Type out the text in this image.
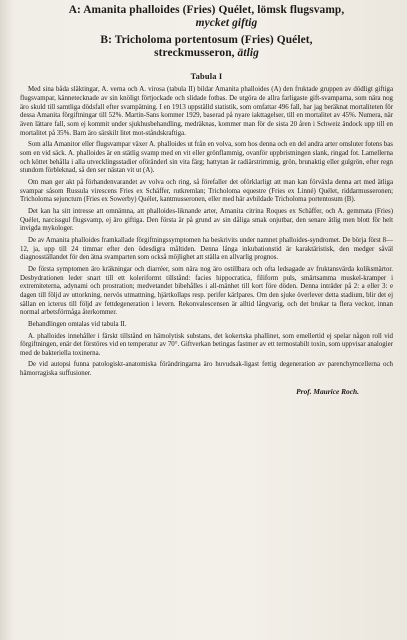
A: Amanita phalloides (Fries) Quélet, lömsk flugsvamp,
mycket giftig
B: Tricholoma portentosum (Fries) Quélet,
streckmusseron, ätlig
Tabula I

Med sina båda släktingar, A. verna och A. virosa (tabula II) bildar Amanita phalloides (A) den fruktade gruppen av dödligt giftiga flugsvampar, kännetecknade av sin knöligt förtjockade och slidade fotbas. De utgöra de allra farligaste gift-svamparna, som nära nog äro skuld till samtliga dödsfall efter svampätning. I en 1913 uppställd statistik, som omfattar 496 fall, har jag beräknat mortaliteten för dessa Amanita förgiftningar till 52%. Martin-Sans kommer 1929, baserad på nyare iakttagelser, till en mortalitet av 45%. Numera, när även lättare fall, som ej kommit under sjukhusbehandling, medräknas, kommer man för de sista 20 åren i Schweiz ändock upp till en mortalitet på 35%. Barn äro särskilt litet mot-ståndskraftiga.

Som alla Amanitor eller flugsvampar växer A. phalloides ut från en volva, som hos denna och en del andra arter omsluter fotens bas som en vid säck. A. phalloides är en stätlig svamp med en vit eller grönflammig, ovanför uppbristningen slank, ringad fot. Lamellerna och köttet behålla i alla utvecklingsstadier oföränderl sin vita färg; hattytan är radiärstrimmig, grön, brunaktig eller gulgrön, efter regn stundom förbleknad, så den ser nästan vit ut (A).

Om man ger akt på förhandenvarandet av volva och ring, så förefaller det oförklarligt att man kan förväxla denna art med ätliga svampar såsom Russula virescens Fries ex Schäffer, rutkremlan; Tricholoma equestre (Fries ex Linné) Quélet, riddarmusseronen; Tricholoma sejunctum (Fries ex Sowerby) Quélet, kantmusseronen, eller med här avbildade Tricholoma portentosum (B).

Det kan ha sitt intresse att omnämna, att phalloides-liknande arter, Amanita citrina Roques ex Schäffer, och A. gemmata (Fries) Quélet, narcissgul flugsvamp, ej äro giftiga. Den första är på grund av sin dåliga smak onjutbar, den senare ätlig men blott för helt invigda mykologer.

De av Amanita phalloides framkallade förgiftningssymptomen ha beskrivits under namnet phalloides-syndromet. De börja först 8—12, ja, upp till 24 timmar efter den ödesdigra måltiden. Denna långa inkubationstid är karaktäristisk, den medger såväl diagnosställandet för den ätna svamparten som också möjlighet att ställa en allvarlig prognos.

De första symptomen äro kräkningar och diarréer, som nära nog äro ostillbara och ofta ledsagade av fruktansvärda koliksmärtor. Desbydrationen leder snart till ett koleriformt tillstånd: facies hippocratica, filiform puls, smärtsamma muskel-kramper i extremiteterna, adynami och prostration; medvetandet bibehålles i all-mänhet till kort före döden. Denna inträder på 2: a eller 3: e dagen till följd av uttorkning, nervös utmattning, hjärtkollaps resp. perifer kärlpares. Om den sjuke överlever detta stadium, blir det ej sällan en icterus till följd av fettdegeneration i levern. Rekonvalescensen är alltid långvarig, och det brukar ta flera veckor, innan normal arbetsförmåga återkommer.

Behandlingen omtalas vid tabula II.

A. phalloides innehåller i färskt tillstånd en hämolytisk substans, det kokertska phallinet, som emellertid ej spelar någon roll vid förgiftningen, enär det förstöres vid en temperatur av 70°. Giftverkan betingas fastmer av ett termostabilt toxin, som uppvisar analogier med de bakteriella toxinerna.

De vid autopsi funna patologiskt-anatomiska förändringarna äro huvudsak-ligast fettig degeneration av parenchymcellerna och hämorragiska suffusioner.

Prof. Maurice Roch.
